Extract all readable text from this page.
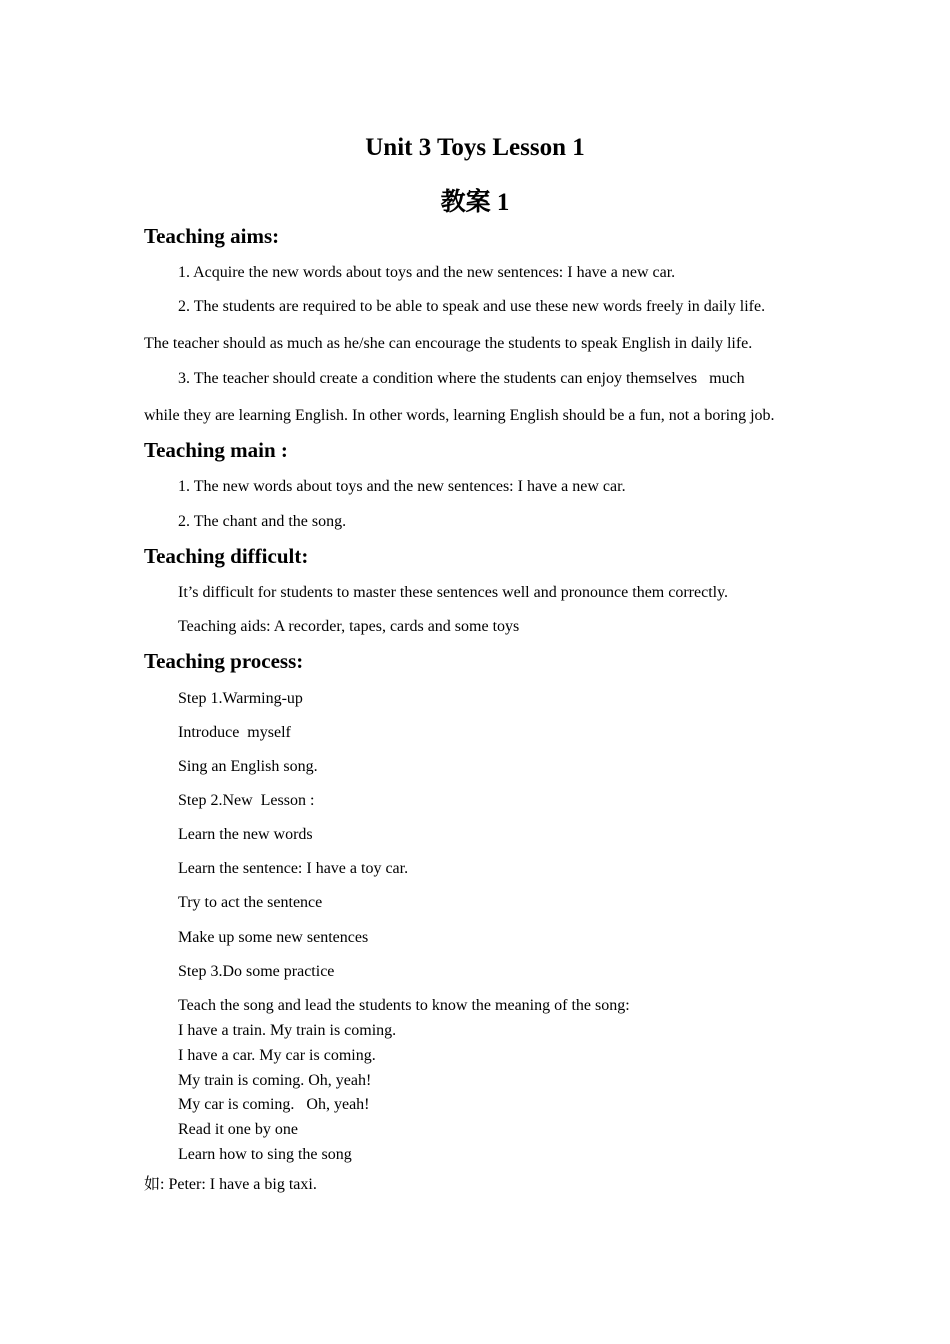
Unit 3 Toys Lesson 1
教案 1
Teaching aims:

1. Acquire the new words about toys and the new sentences: I have a new car.

2. The students are required to be able to speak and use these new words freely in daily life.

The teacher should as much as he/she can encourage the students to speak English in daily life.

3. The teacher should create a condition where the students can enjoy themselves   much

while they are learning English. In other words, learning English should be a fun, not a boring job.

Teaching main :

1. The new words about toys and the new sentences: I have a new car.

2. The chant and the song.

Teaching difficult:

It’s difficult for students to master these sentences well and pronounce them correctly.

Teaching aids: A recorder, tapes, cards and some toys

Teaching process:

Step 1.Warming-up

Introduce  myself

Sing an English song.

Step 2.New  Lesson :

Learn the new words

Learn the sentence: I have a toy car.

Try to act the sentence

Make up some new sentences

Step 3.Do some practice

Teach the song and lead the students to know the meaning of the song:

I have a train. My train is coming.

I have a car. My car is coming.

My train is coming. Oh, yeah!

My car is coming.   Oh, yeah!

Read it one by one

Learn how to sing the song

如: Peter: I have a big taxi.
